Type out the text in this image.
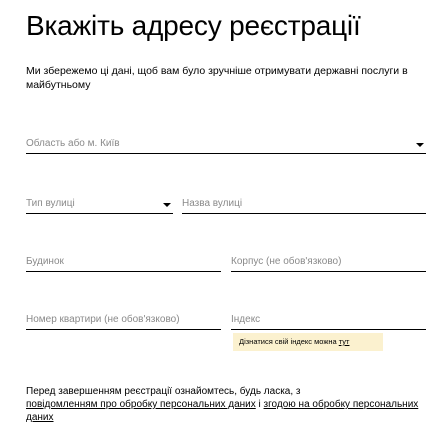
Вкажіть адресу реєстрації
Ми збережемо ці дані, щоб вам було зручніше отримувати державні послуги в майбутньому
Область або м. Київ
Тип вулиці	Назва вулиці
Будинок	Корпус (не обов'язково)
Номер квартири (не обов'язково)	Індекс
Дізнатися свій індекс можна тут
Перед завершенням реєстрації ознайомтесь, будь ласка, з
повідомленням про обробку персональних даних і згодою на обробку персональних даних
